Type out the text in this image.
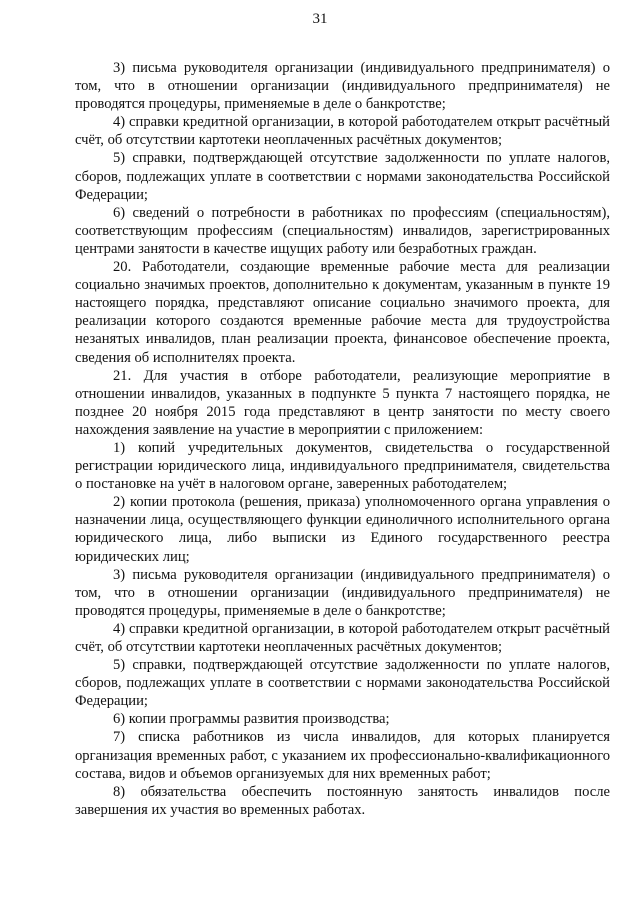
31

3) письма руководителя организации (индивидуального предпринимателя) о том, что в отношении организации (индивидуального предпринимателя) не проводятся процедуры, применяемые в деле о банкротстве;

4) справки кредитной организации, в которой работодателем открыт расчётный счёт, об отсутствии картотеки неоплаченных расчётных документов;

5) справки, подтверждающей отсутствие задолженности по уплате налогов, сборов, подлежащих уплате в соответствии с нормами законодательства Российской Федерации;

6) сведений о потребности в работниках по профессиям (специальностям), соответствующим профессиям (специальностям) инвалидов, зарегистрированных центрами занятости в качестве ищущих работу или безработных граждан.

20. Работодатели, создающие временные рабочие места для реализации социально значимых проектов, дополнительно к документам, указанным в пункте 19 настоящего порядка, представляют описание социально значимого проекта, для реализации которого создаются временные рабочие места для трудоустройства незанятых инвалидов, план реализации проекта, финансовое обеспечение проекта, сведения об исполнителях проекта.

21. Для участия в отборе работодатели, реализующие мероприятие в отношении инвалидов, указанных в подпункте 5 пункта 7 настоящего порядка, не позднее 20 ноября 2015 года представляют в центр занятости по месту своего нахождения заявление на участие в мероприятии с приложением:

1) копий учредительных документов, свидетельства о государственной регистрации юридического лица, индивидуального предпринимателя, свидетельства о постановке на учёт в налоговом органе, заверенных работодателем;

2) копии протокола (решения, приказа) уполномоченного органа управления о назначении лица, осуществляющего функции единоличного исполнительного органа юридического лица, либо выписки из Единого государственного реестра юридических лиц;

3) письма руководителя организации (индивидуального предпринимателя) о том, что в отношении организации (индивидуального предпринимателя) не проводятся процедуры, применяемые в деле о банкротстве;

4) справки кредитной организации, в которой работодателем открыт расчётный счёт, об отсутствии картотеки неоплаченных расчётных документов;

5) справки, подтверждающей отсутствие задолженности по уплате налогов, сборов, подлежащих уплате в соответствии с нормами законодательства Российской Федерации;

6) копии программы развития производства;

7) списка работников из числа инвалидов, для которых планируется организация временных работ, с указанием их профессионально-квалификационного состава, видов и объемов организуемых для них временных работ;

8) обязательства обеспечить постоянную занятость инвалидов после завершения их участия во временных работах.
